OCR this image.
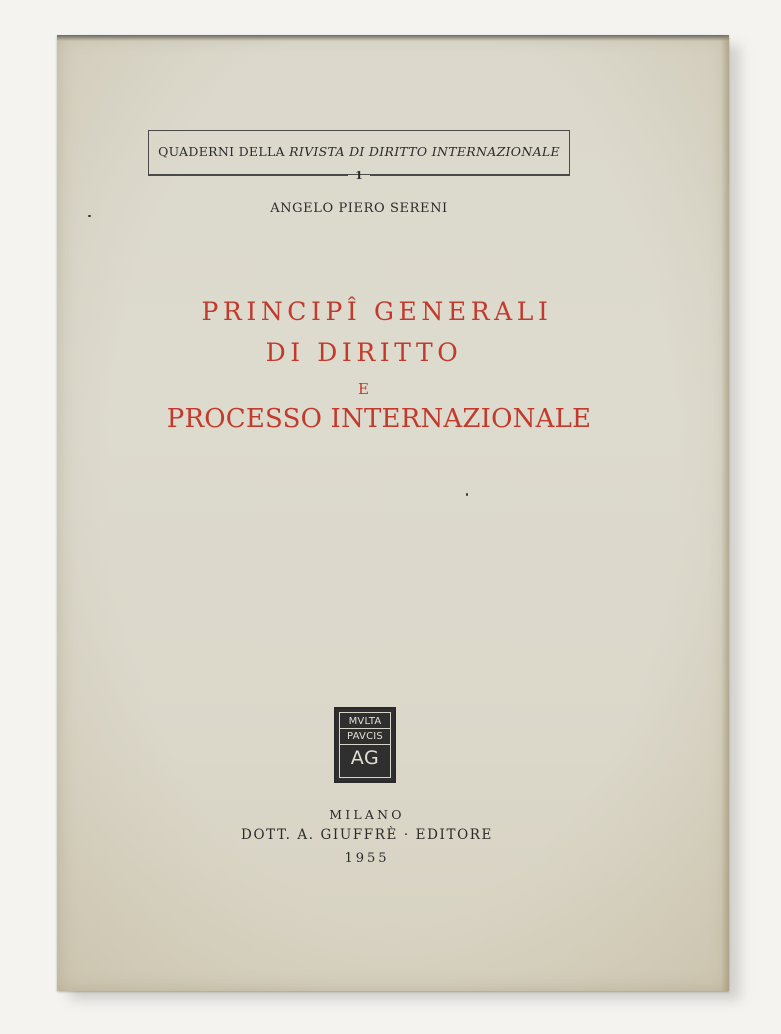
QUADERNI DELLA RIVISTA DI DIRITTO INTERNAZIONALE
1
ANGELO PIERO SERENI
PRINCIPÎ GENERALI
DI DIRITTO
E
PROCESSO INTERNAZIONALE
MVLTA
PAVCIS
AG
MILANO
DOTT. A. GIUFFRÈ · EDITORE
1955
